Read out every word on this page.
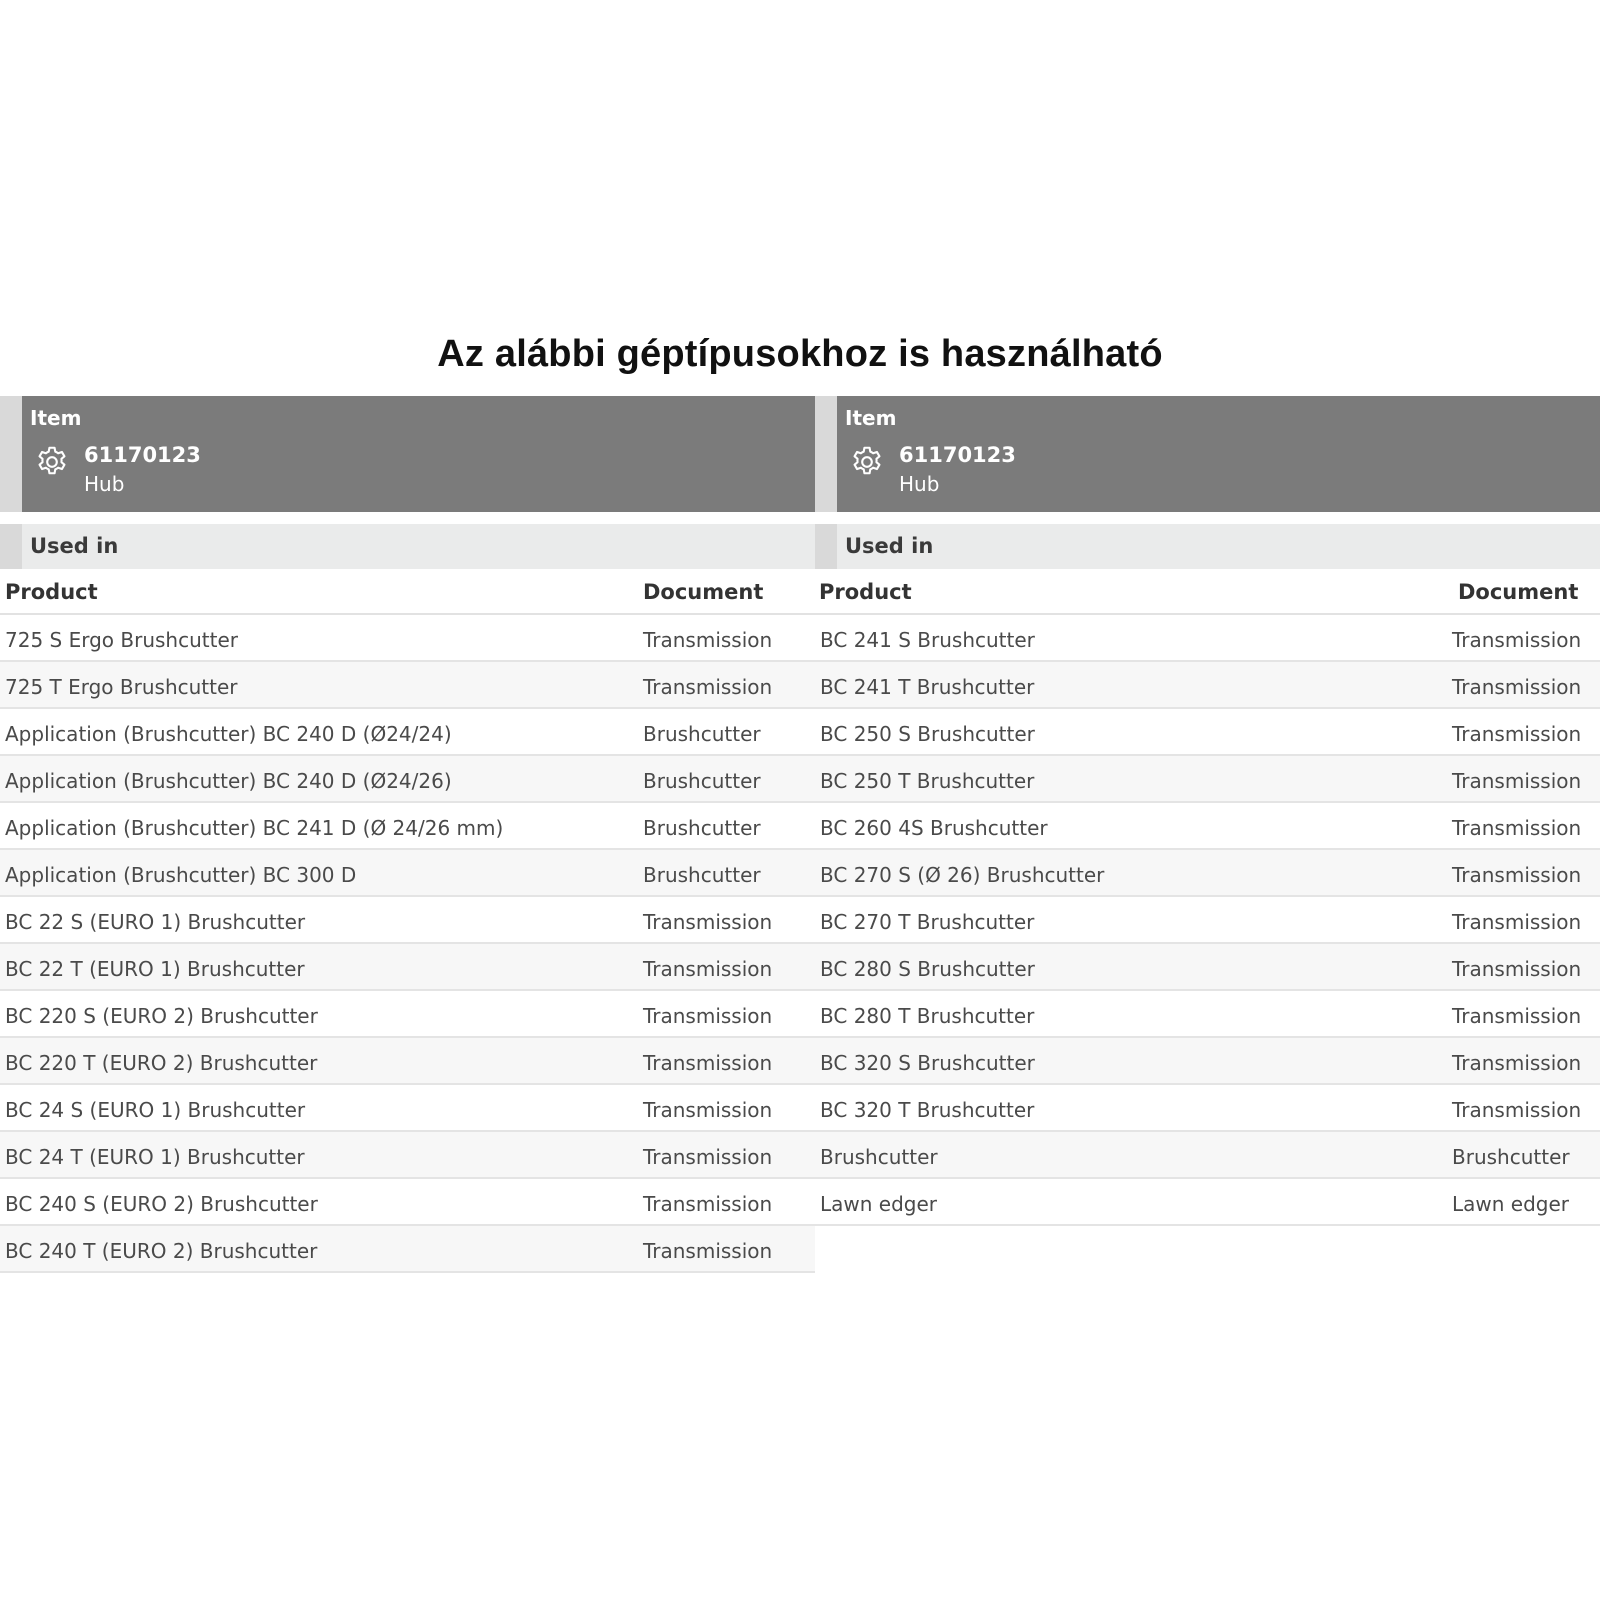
Az alábbi géptípusokhoz is használható
Item
61170123
Hub
Used in
Product	Document
725 S Ergo Brushcutter	Transmission
725 T Ergo Brushcutter	Transmission
Application (Brushcutter) BC 240 D (Ø24/24)	Brushcutter
Application (Brushcutter) BC 240 D (Ø24/26)	Brushcutter
Application (Brushcutter) BC 241 D (Ø 24/26 mm)	Brushcutter
Application (Brushcutter) BC 300 D	Brushcutter
BC 22 S (EURO 1) Brushcutter	Transmission
BC 22 T (EURO 1) Brushcutter	Transmission
BC 220 S (EURO 2) Brushcutter	Transmission
BC 220 T (EURO 2) Brushcutter	Transmission
BC 24 S (EURO 1) Brushcutter	Transmission
BC 24 T (EURO 1) Brushcutter	Transmission
BC 240 S (EURO 2) Brushcutter	Transmission
BC 240 T (EURO 2) Brushcutter	Transmission
Item
61170123
Hub
Used in
Product	Document
BC 241 S Brushcutter	Transmission
BC 241 T Brushcutter	Transmission
BC 250 S Brushcutter	Transmission
BC 250 T Brushcutter	Transmission
BC 260 4S Brushcutter	Transmission
BC 270 S (Ø 26) Brushcutter	Transmission
BC 270 T Brushcutter	Transmission
BC 280 S Brushcutter	Transmission
BC 280 T Brushcutter	Transmission
BC 320 S Brushcutter	Transmission
BC 320 T Brushcutter	Transmission
Brushcutter	Brushcutter
Lawn edger	Lawn edger
